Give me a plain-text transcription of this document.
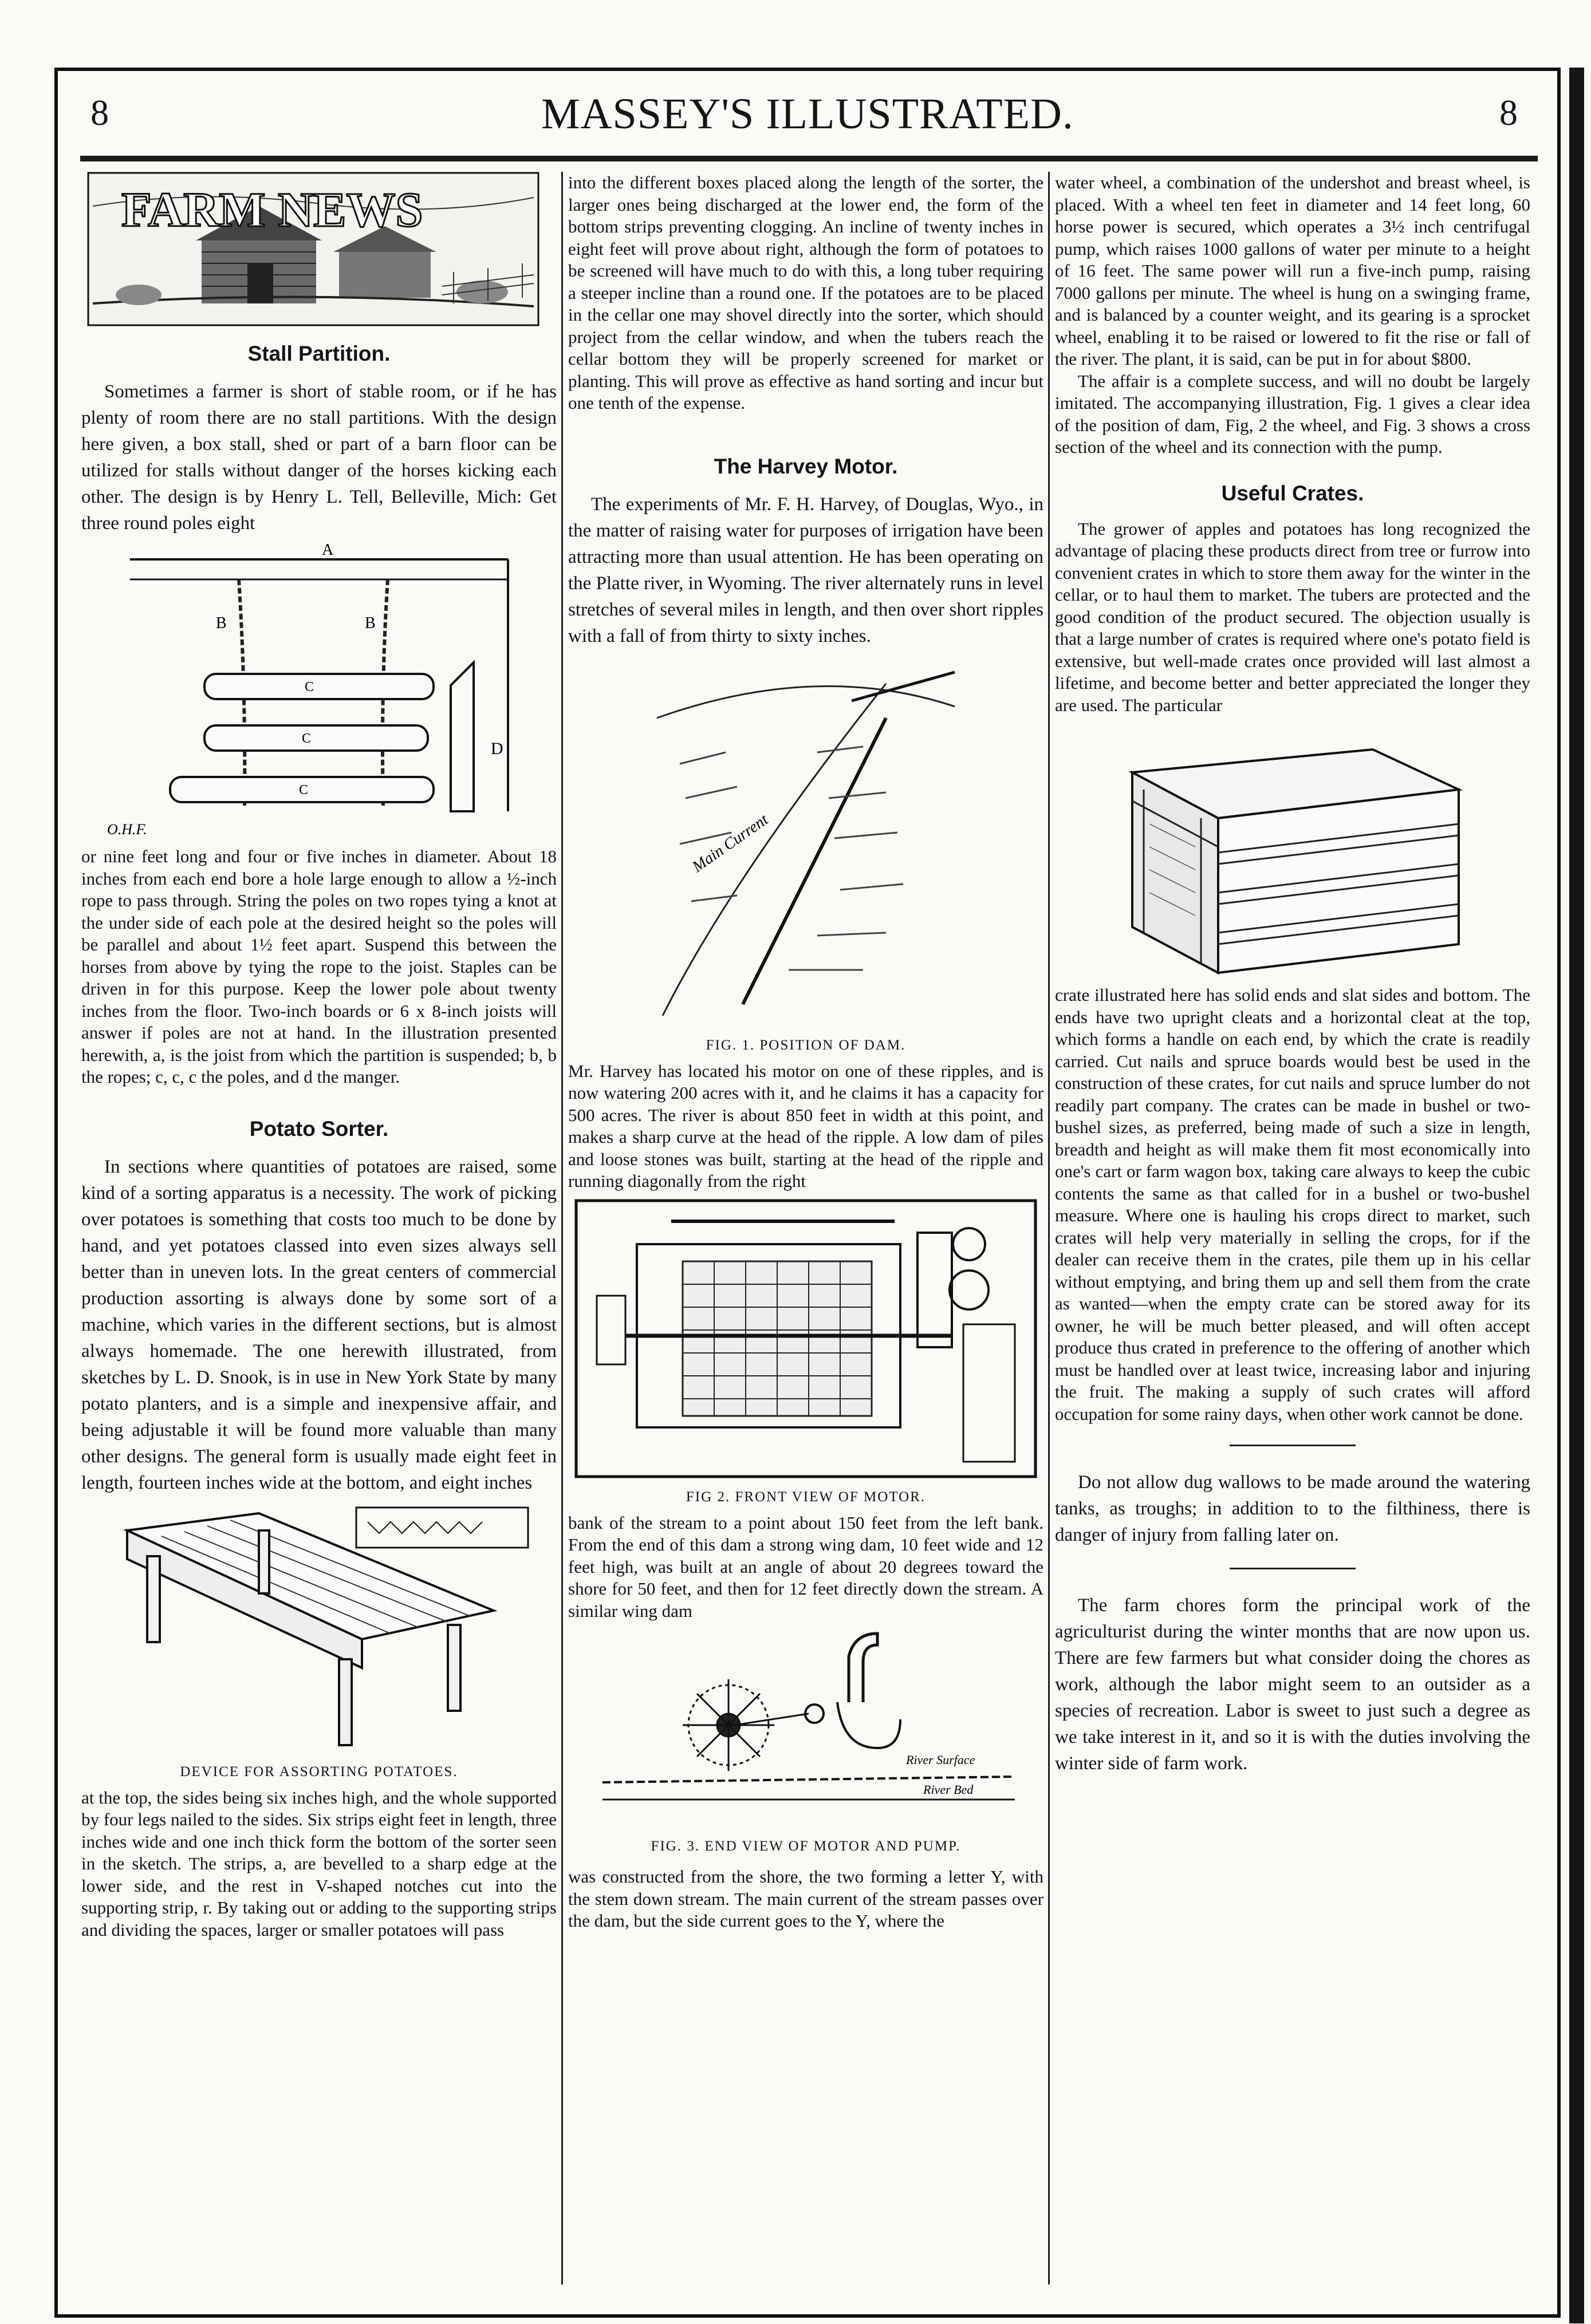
8	MASSEY'S ILLUSTRATED.	8
FARM NEWS
Stall Partition.

Sometimes a farmer is short of stable room, or if he has plenty of room there are no stall partitions. With the design here given, a box stall, shed or part of a barn floor can be utilized for stalls without danger of the horses kicking each other. The design is by Henry L. Tell, Belleville, Mich: Get three round poles eight

A
B	B
C
C
C
D
O.H.F.

or nine feet long and four or five inches in diameter. About 18 inches from each end bore a hole large enough to allow a ½-inch rope to pass through. String the poles on two ropes tying a knot at the under side of each pole at the desired height so the poles will be parallel and about 1½ feet apart. Suspend this between the horses from above by tying the rope to the joist. Staples can be driven in for this purpose. Keep the lower pole about twenty inches from the floor. Two-inch boards or 6 x 8-inch joists will answer if poles are not at hand. In the illustration presented herewith, a, is the joist from which the partition is suspended; b, b the ropes; c, c, c the poles, and d the manger.

Potato Sorter.

In sections where quantities of potatoes are raised, some kind of a sorting apparatus is a necessity. The work of picking over potatoes is something that costs too much to be done by hand, and yet potatoes classed into even sizes always sell better than in uneven lots. In the great centers of commercial production assorting is always done by some sort of a machine, which varies in the different sections, but is almost always homemade. The one herewith illustrated, from sketches by L. D. Snook, is in use in New York State by many potato planters, and is a simple and inexpensive affair, and being adjustable it will be found more valuable than many other designs. The general form is usually made eight feet in length, fourteen inches wide at the bottom, and eight inches

DEVICE FOR ASSORTING POTATOES.

at the top, the sides being six inches high, and the whole supported by four legs nailed to the sides. Six strips eight feet in length, three inches wide and one inch thick form the bottom of the sorter seen in the sketch. The strips, a, are bevelled to a sharp edge at the lower side, and the rest in V-shaped notches cut into the supporting strip, r. By taking out or adding to the supporting strips and dividing the spaces, larger or smaller potatoes will pass

into the different boxes placed along the length of the sorter, the larger ones being discharged at the lower end, the form of the bottom strips preventing clogging. An incline of twenty inches in eight feet will prove about right, although the form of potatoes to be screened will have much to do with this, a long tuber requiring a steeper incline than a round one. If the potatoes are to be placed in the cellar one may shovel directly into the sorter, which should project from the cellar window, and when the tubers reach the cellar bottom they will be properly screened for market or planting. This will prove as effective as hand sorting and incur but one tenth of the expense.

The Harvey Motor.

The experiments of Mr. F. H. Harvey, of Douglas, Wyo., in the matter of raising water for purposes of irrigation have been attracting more than usual attention. He has been operating on the Platte river, in Wyoming. The river alternately runs in level stretches of several miles in length, and then over short ripples with a fall of from thirty to sixty inches.

Main Current
FIG. 1. POSITION OF DAM.

Mr. Harvey has located his motor on one of these ripples, and is now watering 200 acres with it, and he claims it has a capacity for 500 acres. The river is about 850 feet in width at this point, and makes a sharp curve at the head of the ripple. A low dam of piles and loose stones was built, starting at the head of the ripple and running diagonally from the right

FIG 2. FRONT VIEW OF MOTOR.

bank of the stream to a point about 150 feet from the left bank. From the end of this dam a strong wing dam, 10 feet wide and 12 feet high, was built at an angle of about 20 degrees toward the shore for 50 feet, and then for 12 feet directly down the stream. A similar wing dam

River Surface
River Bed
FIG. 3. END VIEW OF MOTOR AND PUMP.

was constructed from the shore, the two forming a letter Y, with the stem down stream. The main current of the stream passes over the dam, but the side current goes to the Y, where the

water wheel, a combination of the undershot and breast wheel, is placed. With a wheel ten feet in diameter and 14 feet long, 60 horse power is secured, which operates a 3½ inch centrifugal pump, which raises 1000 gallons of water per minute to a height of 16 feet. The same power will run a five-inch pump, raising 7000 gallons per minute. The wheel is hung on a swinging frame, and is balanced by a counter weight, and its gearing is a sprocket wheel, enabling it to be raised or lowered to fit the rise or fall of the river. The plant, it is said, can be put in for about $800.

The affair is a complete success, and will no doubt be largely imitated. The accompanying illustration, Fig. 1 gives a clear idea of the position of dam, Fig, 2 the wheel, and Fig. 3 shows a cross section of the wheel and its connection with the pump.

Useful Crates.

The grower of apples and potatoes has long recognized the advantage of placing these products direct from tree or furrow into convenient crates in which to store them away for the winter in the cellar, or to haul them to market. The tubers are protected and the good condition of the product secured. The objection usually is that a large number of crates is required where one's potato field is extensive, but well-made crates once provided will last almost a lifetime, and become better and better appreciated the longer they are used. The particular

crate illustrated here has solid ends and slat sides and bottom. The ends have two upright cleats and a horizontal cleat at the top, which forms a handle on each end, by which the crate is readily carried. Cut nails and spruce boards would best be used in the construction of these crates, for cut nails and spruce lumber do not readily part company. The crates can be made in bushel or two-bushel sizes, as preferred, being made of such a size in length, breadth and height as will make them fit most economically into one's cart or farm wagon box, taking care always to keep the cubic contents the same as that called for in a bushel or two-bushel measure. Where one is hauling his crops direct to market, such crates will help very materially in selling the crops, for if the dealer can receive them in the crates, pile them up in his cellar without emptying, and bring them up and sell them from the crate as wanted—when the empty crate can be stored away for its owner, he will be much better pleased, and will often accept produce thus crated in preference to the offering of another which must be handled over at least twice, increasing labor and injuring the fruit. The making a supply of such crates will afford occupation for some rainy days, when other work cannot be done.

Do not allow dug wallows to be made around the watering tanks, as troughs; in addition to to the filthiness, there is danger of injury from falling later on.

The farm chores form the principal work of the agriculturist during the winter months that are now upon us. There are few farmers but what consider doing the chores as work, although the labor might seem to an outsider as a species of recreation. Labor is sweet to just such a degree as we take interest in it, and so it is with the duties involving the winter side of farm work.
